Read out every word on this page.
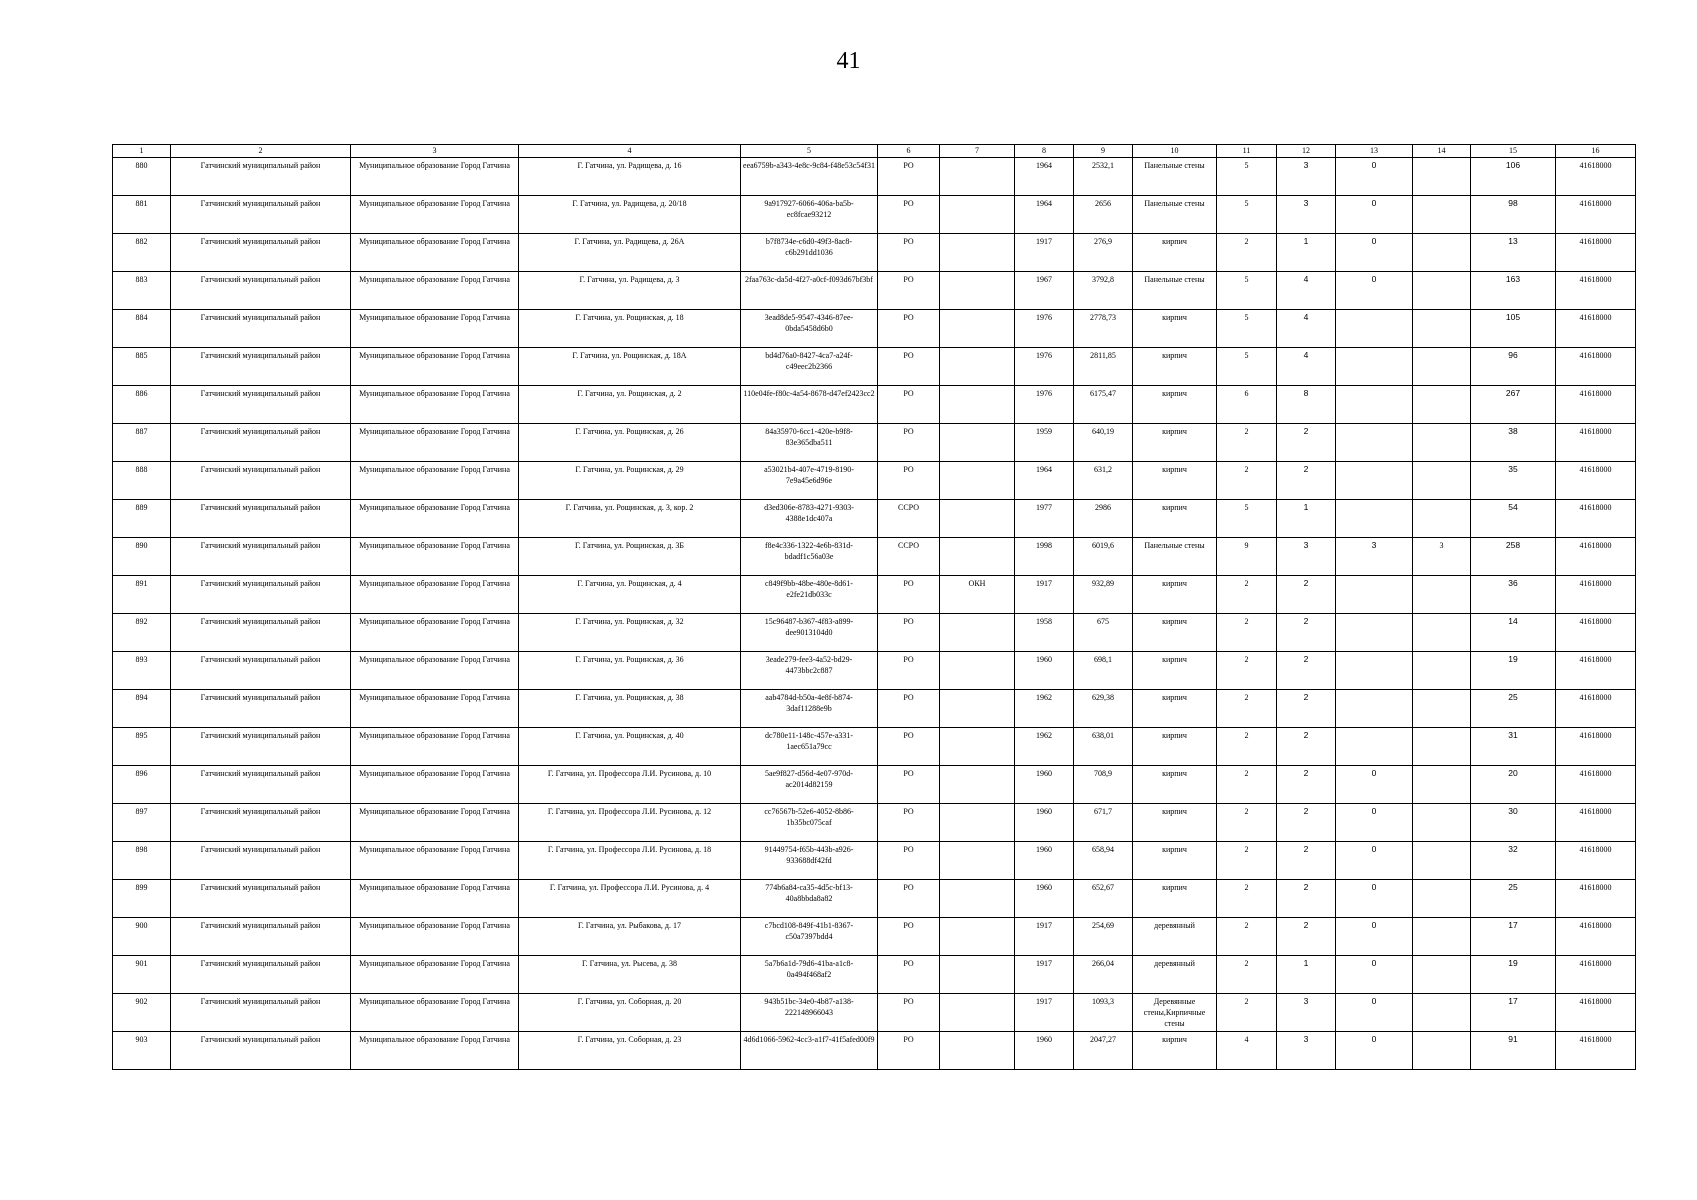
41
1	2	3	4	5	6	7	8	9	10	11	12	13	14	15	16
880	Гатчинский муниципальный район	Муниципальное образование Город Гатчина	Г. Гатчина, ул. Радищева, д. 16	eea6759b-a343-4e8c-9c84-f48e53c54f31	РО		1964	2532,1	Панельные стены	5	3	0		106	41618000
881	Гатчинский муниципальный район	Муниципальное образование Город Гатчина	Г. Гатчина, ул. Радищева, д. 20/18	9a917927-6066-406a-ba5b-ec8fcae93212	РО		1964	2656	Панельные стены	5	3	0		98	41618000
882	Гатчинский муниципальный район	Муниципальное образование Город Гатчина	Г. Гатчина, ул. Радищева, д. 26А	b7f8734e-c6d0-49f3-8ac8-c6b291dd1036	РО		1917	276,9	кирпич	2	1	0		13	41618000
883	Гатчинский муниципальный район	Муниципальное образование Город Гатчина	Г. Гатчина, ул. Радищева, д. 3	2faa763c-da5d-4f27-a0cf-f093d67bf3bf	РО		1967	3792,8	Панельные стены	5	4	0		163	41618000
884	Гатчинский муниципальный район	Муниципальное образование Город Гатчина	Г. Гатчина, ул. Рощинская, д. 18	3ead8de5-9547-4346-87ee-0bda5458d6b0	РО		1976	2778,73	кирпич	5	4			105	41618000
885	Гатчинский муниципальный район	Муниципальное образование Город Гатчина	Г. Гатчина, ул. Рощинская, д. 18А	bd4d76a0-8427-4ca7-a24f-c49eec2b2366	РО		1976	2811,85	кирпич	5	4			96	41618000
886	Гатчинский муниципальный район	Муниципальное образование Город Гатчина	Г. Гатчина, ул. Рощинская, д. 2	110e04fe-f80c-4a54-8678-d47ef2423cc2	РО		1976	6175,47	кирпич	6	8			267	41618000
887	Гатчинский муниципальный район	Муниципальное образование Город Гатчина	Г. Гатчина, ул. Рощинская, д. 26	84a35970-6cc1-420e-b9f8-83e365dba511	РО		1959	640,19	кирпич	2	2			38	41618000
888	Гатчинский муниципальный район	Муниципальное образование Город Гатчина	Г. Гатчина, ул. Рощинская, д. 29	a53021b4-407e-4719-8190-7e9a45e6d96e	РО		1964	631,2	кирпич	2	2			35	41618000
889	Гатчинский муниципальный район	Муниципальное образование Город Гатчина	Г. Гатчина, ул. Рощинская, д. 3, кор. 2	d3ed306e-8783-4271-9303-4388e1dc407a	ССРО		1977	2986	кирпич	5	1			54	41618000
890	Гатчинский муниципальный район	Муниципальное образование Город Гатчина	Г. Гатчина, ул. Рощинская, д. 3Б	f8e4c336-1322-4e6b-831d-bdadf1c56a03e	ССРО		1998	6019,6	Панельные стены	9	3	3	3	258	41618000
891	Гатчинский муниципальный район	Муниципальное образование Город Гатчина	Г. Гатчина, ул. Рощинская, д. 4	c849f9bb-48be-480e-8d61-e2fe21db033c	РО	ОКН	1917	932,89	кирпич	2	2			36	41618000
892	Гатчинский муниципальный район	Муниципальное образование Город Гатчина	Г. Гатчина, ул. Рощинская, д. 32	15c96487-b367-4f83-a899-dee9013104d0	РО		1958	675	кирпич	2	2			14	41618000
893	Гатчинский муниципальный район	Муниципальное образование Город Гатчина	Г. Гатчина, ул. Рощинская, д. 36	3eade279-fee3-4a52-bd29-4473bbc2c887	РО		1960	698,1	кирпич	2	2			19	41618000
894	Гатчинский муниципальный район	Муниципальное образование Город Гатчина	Г. Гатчина, ул. Рощинская, д. 38	aab4784d-b50a-4e8f-b874-3daf11288e9b	РО		1962	629,38	кирпич	2	2			25	41618000
895	Гатчинский муниципальный район	Муниципальное образование Город Гатчина	Г. Гатчина, ул. Рощинская, д. 40	dc780e11-148c-457e-a331-1aec651a79cc	РО		1962	638,01	кирпич	2	2			31	41618000
896	Гатчинский муниципальный район	Муниципальное образование Город Гатчина	Г. Гатчина, ул. Профессора Л.И. Русинова, д. 10	5ae9f827-d56d-4e07-970d-ac2014d82159	РО		1960	708,9	кирпич	2	2	0		20	41618000
897	Гатчинский муниципальный район	Муниципальное образование Город Гатчина	Г. Гатчина, ул. Профессора Л.И. Русинова, д. 12	cc76567b-52e6-4052-8b86-1b35bc075caf	РО		1960	671,7	кирпич	2	2	0		30	41618000
898	Гатчинский муниципальный район	Муниципальное образование Город Гатчина	Г. Гатчина, ул. Профессора Л.И. Русинова, д. 18	91449754-f65b-443b-a926-933688df42fd	РО		1960	658,94	кирпич	2	2	0		32	41618000
899	Гатчинский муниципальный район	Муниципальное образование Город Гатчина	Г. Гатчина, ул. Профессора Л.И. Русинова, д. 4	774b6a84-ca35-4d5c-bf13-40a8bbda8a82	РО		1960	652,67	кирпич	2	2	0		25	41618000
900	Гатчинский муниципальный район	Муниципальное образование Город Гатчина	Г. Гатчина, ул. Рыбакова, д. 17	c7bcd108-849f-41b1-8367-c50a7397bdd4	РО		1917	254,69	деревянный	2	2	0		17	41618000
901	Гатчинский муниципальный район	Муниципальное образование Город Гатчина	Г. Гатчина, ул. Рысева, д. 38	5a7b6a1d-79d6-41ba-a1c8-0a494f468af2	РО		1917	266,04	деревянный	2	1	0		19	41618000
902	Гатчинский муниципальный район	Муниципальное образование Город Гатчина	Г. Гатчина, ул. Соборная, д. 20	943b51bc-34e0-4b87-a138-222148966043	РО		1917	1093,3	Деревянные стены,Кирпичные стены	2	3	0		17	41618000
903	Гатчинский муниципальный район	Муниципальное образование Город Гатчина	Г. Гатчина, ул. Соборная, д. 23	4d6d1066-5962-4cc3-a1f7-41f5afed00f9	РО		1960	2047,27	кирпич	4	3	0		91	41618000
